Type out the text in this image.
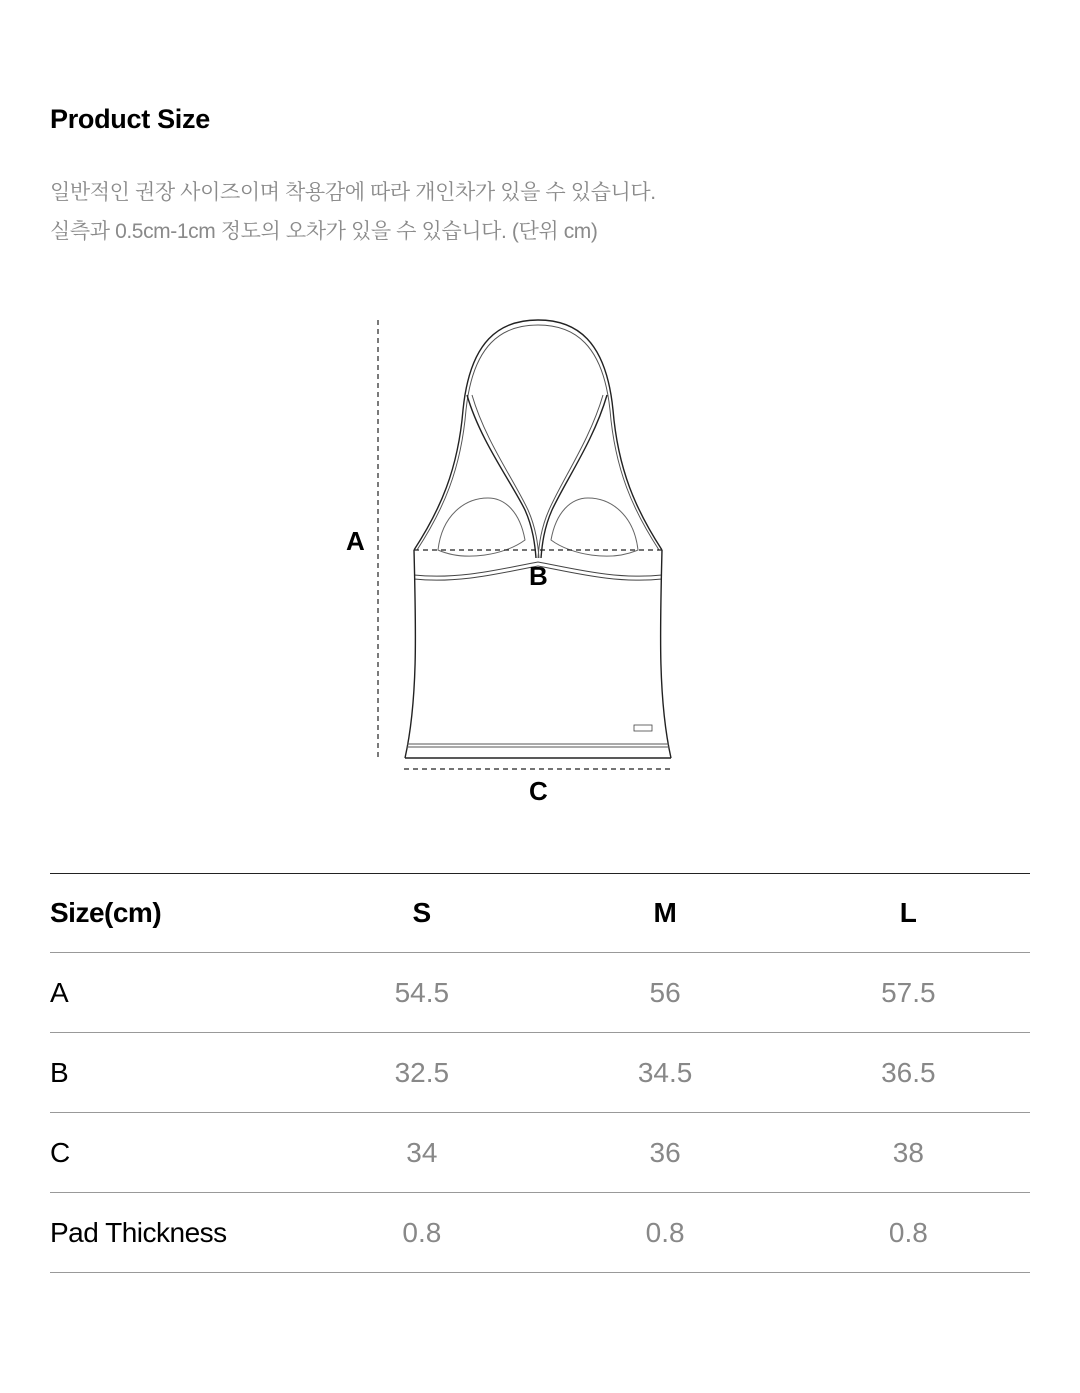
Product Size
일반적인 권장 사이즈이며 착용감에 따라 개인차가 있을 수 있습니다.
실측과 0.5cm-1cm 정도의 오차가 있을 수 있습니다. (단위 cm)
A
B
C
Size(cm)	S	M	L
A	54.5	56	57.5
B	32.5	34.5	36.5
C	34	36	38
Pad Thickness	0.8	0.8	0.8
